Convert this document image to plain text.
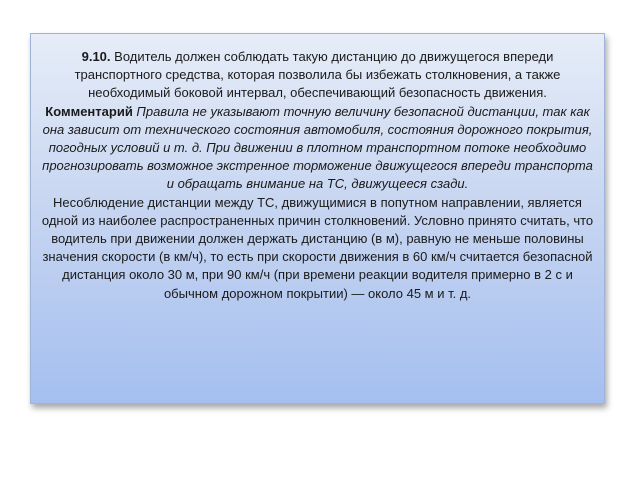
9.10. Водитель должен соблюдать такую дистанцию до движущегося впереди транспортного средства, которая позволила бы избежать столкновения, а также необходимый боковой интервал, обеспечивающий безопасность движения.

Комментарий Правила не указывают точную величину безопасной дистанции, так как она зависит от технического состояния автомобиля, состояния дорожного покрытия, погодных условий и т. д. При движении в плотном транспортном потоке необходимо прогнозировать возможное экстренное торможение движущегося впереди транспорта и обращать внимание на ТС, движущееся сзади.

Несоблюдение дистанции между ТС, движущимися в попутном направлении, является одной из наиболее распространенных причин столкновений. Условно принято считать, что водитель при движении должен держать дистанцию (в м), равную не меньше половины значения скорости (в км/ч), то есть при скорости движения в 60 км/ч считается безопасной дистанция около 30 м, при 90 км/ч (при времени реакции водителя примерно в 2 с и обычном дорожном покрытии) — около 45 м и т. д.
